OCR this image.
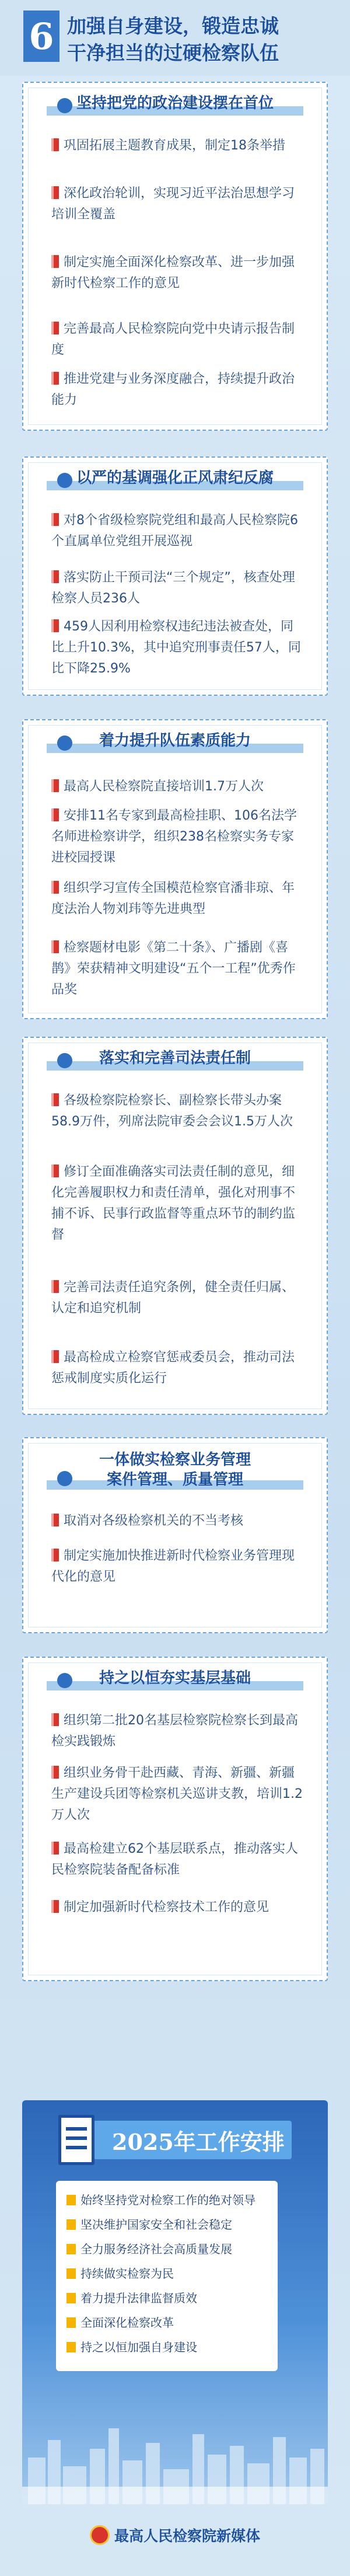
6 加强自身建设，锻造忠诚
干净担当的过硬检察队伍
坚持把党的政治建设摆在首位
巩固拓展主题教育成果，制定18条举措
深化政治轮训，实现习近平法治思想学习培训全覆盖
制定实施全面深化检察改革、进一步加强新时代检察工作的意见
完善最高人民检察院向党中央请示报告制度
推进党建与业务深度融合，持续提升政治能力
以严的基调强化正风肃纪反腐
对8个省级检察院党组和最高人民检察院6个直属单位党组开展巡视
落实防止干预司法“三个规定”，核查处理检察人员236人
459人因利用检察权违纪违法被查处，同比上升10.3%，其中追究刑事责任57人，同比下降25.9%
着力提升队伍素质能力
最高人民检察院直接培训1.7万人次
安排11名专家到最高检挂职、106名法学名师进检察讲学，组织238名检察实务专家进校园授课
组织学习宣传全国模范检察官潘非琼、年度法治人物刘玮等先进典型
检察题材电影《第二十条》、广播剧《喜鹊》荣获精神文明建设“五个一工程”优秀作品奖
落实和完善司法责任制
各级检察院检察长、副检察长带头办案58.9万件，列席法院审委会会议1.5万人次
修订全面准确落实司法责任制的意见，细化完善履职权力和责任清单，强化对刑事不捕不诉、民事行政监督等重点环节的制约监督
完善司法责任追究条例，健全责任归属、认定和追究机制
最高检成立检察官惩戒委员会，推动司法惩戒制度实质化运行
一体做实检察业务管理
案件管理、质量管理
取消对各级检察机关的不当考核
制定实施加快推进新时代检察业务管理现代化的意见
持之以恒夯实基层基础
组织第二批20名基层检察院检察长到最高检实践锻炼
组织业务骨干赴西藏、青海、新疆、新疆生产建设兵团等检察机关巡讲支教，培训1.2万人次
最高检建立62个基层联系点，推动落实人民检察院装备配备标准
制定加强新时代检察技术工作的意见
2025年工作安排
始终坚持党对检察工作的绝对领导
坚决维护国家安全和社会稳定
全力服务经济社会高质量发展
持续做实检察为民
着力提升法律监督质效
全面深化检察改革
持之以恒加强自身建设
最高人民检察院新媒体
